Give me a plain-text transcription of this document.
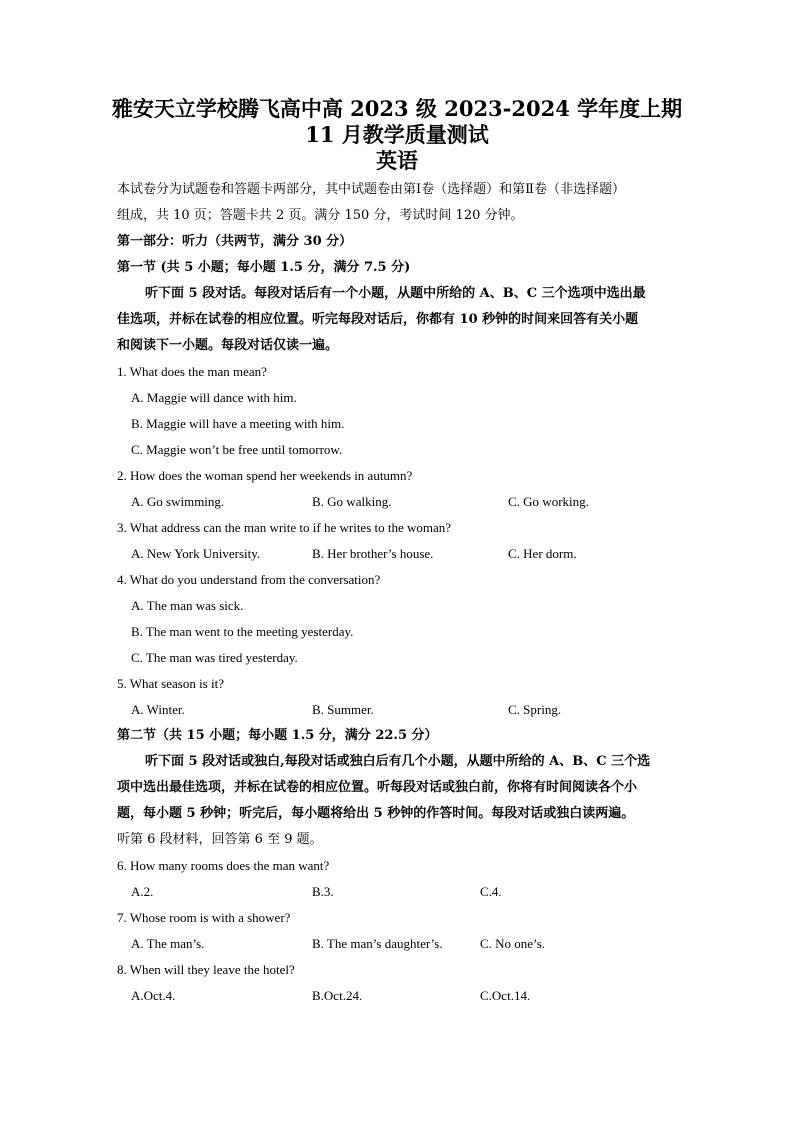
雅安天立学校腾飞高中高 2023 级 2023-2024 学年度上期
11 月教学质量测试
英语
本试卷分为试题卷和答题卡两部分，其中试题卷由第Ⅰ卷（选择题）和第Ⅱ卷（非选择题）
组成，共 10 页；答题卡共 2 页。满分 150 分，考试时间 120 分钟。
第一部分：听力（共两节，满分 30 分）
第一节 (共 5 小题；每小题 1.5 分，满分 7.5 分)
听下面 5 段对话。每段对话后有一个小题，从题中所给的 A、B、C 三个选项中选出最
佳选项，并标在试卷的相应位置。听完每段对话后，你都有 10 秒钟的时间来回答有关小题
和阅读下一小题。每段对话仅读一遍。
1. What does the man mean?
A. Maggie will dance with him.
B. Maggie will have a meeting with him.
C. Maggie won’t be free until tomorrow.
2. How does the woman spend her weekends in autumn?
A. Go swimming.	B. Go walking.	C. Go working.
3. What address can the man write to if he writes to the woman?
A. New York University.	B. Her brother’s house.	C. Her dorm.
4. What do you understand from the conversation?
A. The man was sick.
B. The man went to the meeting yesterday.
C. The man was tired yesterday.
5. What season is it?
A. Winter.	B. Summer.	C. Spring.
第二节（共 15 小题；每小题 1.5 分，满分 22.5 分）
听下面 5 段对话或独白,每段对话或独白后有几个小题，从题中所给的 A、B、C 三个选
项中选出最佳选项，并标在试卷的相应位置。听每段对话或独白前，你将有时间阅读各个小
题，每小题 5 秒钟；听完后，每小题将给出 5 秒钟的作答时间。每段对话或独白读两遍。
听第 6 段材料，回答第 6 至 9 题。
6. How many rooms does the man want?
A.2.	B.3.	C.4.
7. Whose room is with a shower?
A. The man’s.	B. The man’s daughter’s.	C. No one’s.
8. When will they leave the hotel?
A.Oct.4.	B.Oct.24.	C.Oct.14.
